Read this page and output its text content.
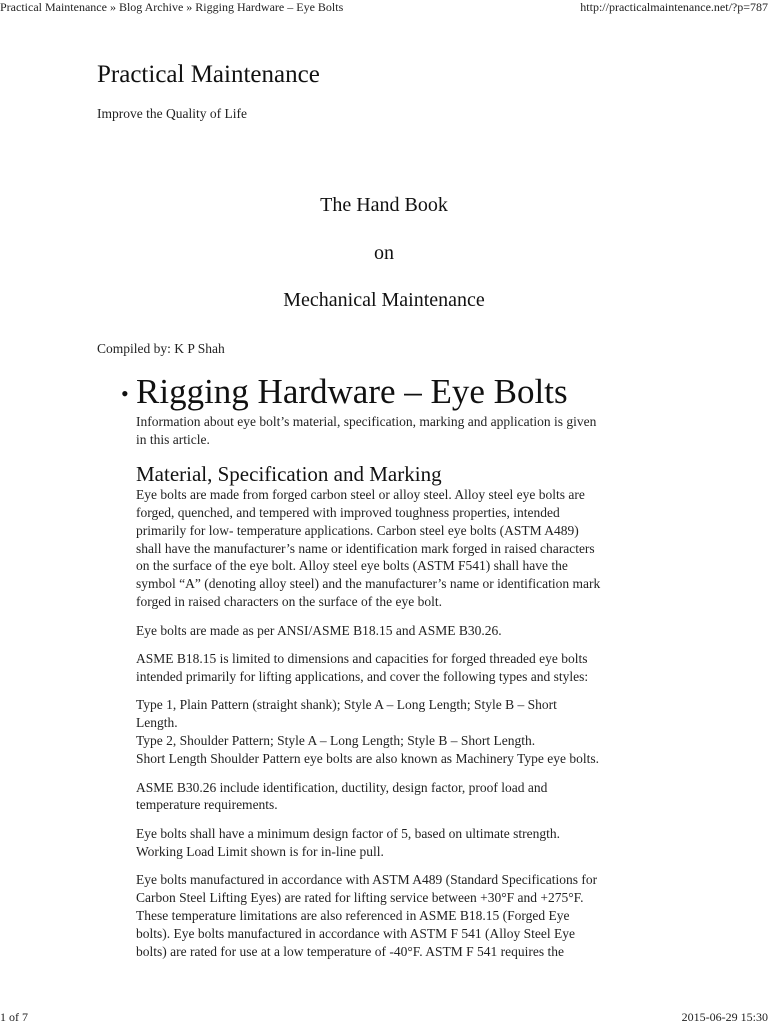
Practical Maintenance » Blog Archive » Rigging Hardware – Eye Bolts	http://practicalmaintenance.net/?p=787
Practical Maintenance
Improve the Quality of Life
The Hand Book
on
Mechanical Maintenance
Compiled by: K P Shah
• Rigging Hardware – Eye Bolts

Information about eye bolt’s material, specification, marking and application is given
in this article.

Material, Specification and Marking

Eye bolts are made from forged carbon steel or alloy steel. Alloy steel eye bolts are
forged, quenched, and tempered with improved toughness properties, intended
primarily for low- temperature applications. Carbon steel eye bolts (ASTM A489)
shall have the manufacturer’s name or identification mark forged in raised characters
on the surface of the eye bolt. Alloy steel eye bolts (ASTM F541) shall have the
symbol “A” (denoting alloy steel) and the manufacturer’s name or identification mark
forged in raised characters on the surface of the eye bolt.

Eye bolts are made as per ANSI/ASME B18.15 and ASME B30.26.

ASME B18.15 is limited to dimensions and capacities for forged threaded eye bolts
intended primarily for lifting applications, and cover the following types and styles:

Type 1, Plain Pattern (straight shank); Style A – Long Length; Style B – Short
Length.
Type 2, Shoulder Pattern; Style A – Long Length; Style B – Short Length.
Short Length Shoulder Pattern eye bolts are also known as Machinery Type eye bolts.

ASME B30.26 include identification, ductility, design factor, proof load and
temperature requirements.

Eye bolts shall have a minimum design factor of 5, based on ultimate strength.
Working Load Limit shown is for in-line pull.

Eye bolts manufactured in accordance with ASTM A489 (Standard Specifications for
Carbon Steel Lifting Eyes) are rated for lifting service between +30°F and +275°F.
These temperature limitations are also referenced in ASME B18.15 (Forged Eye
bolts). Eye bolts manufactured in accordance with ASTM F 541 (Alloy Steel Eye
bolts) are rated for use at a low temperature of -40°F. ASTM F 541 requires the

1 of 7	2015-06-29 15:30
